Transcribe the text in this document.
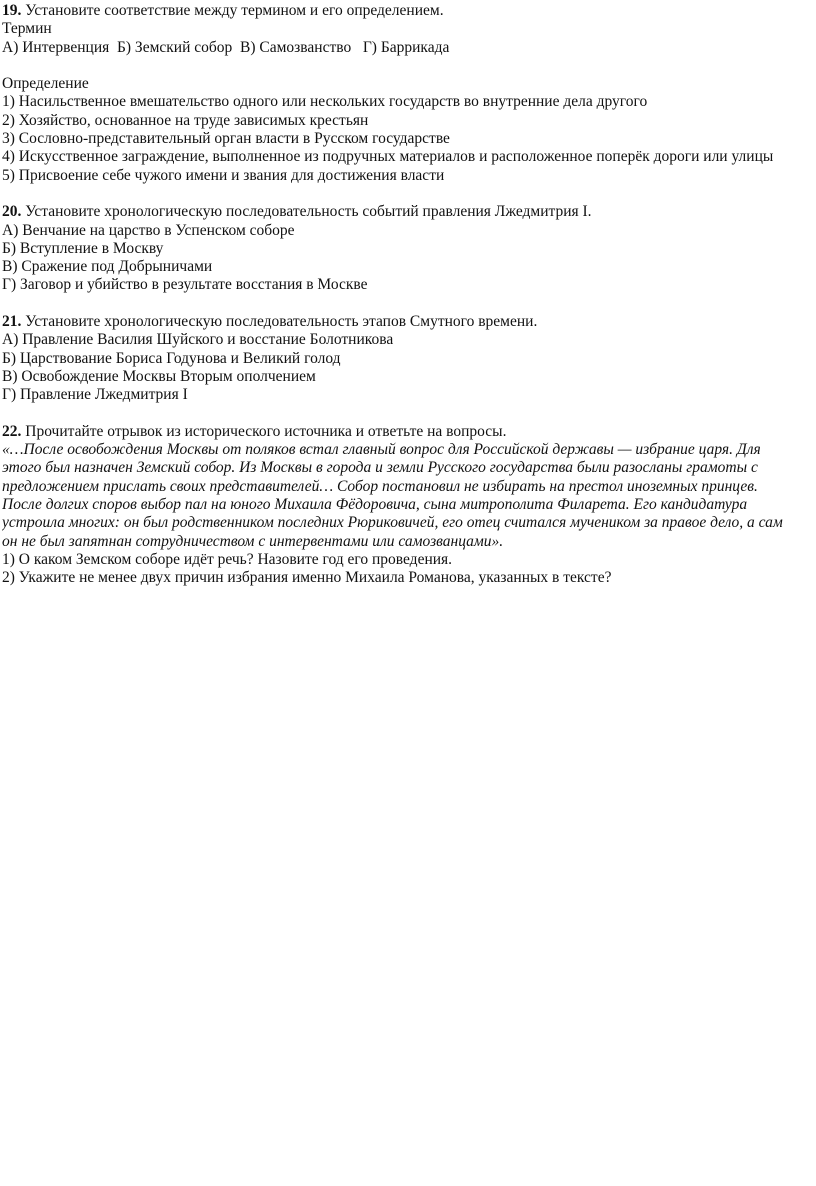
19. Установите соответствие между термином и его определением.
Термин
А) Интервенция  Б) Земский собор  В) Самозванство   Г) Баррикада
Определение
1) Насильственное вмешательство одного или нескольких государств во внутренние дела другого
2) Хозяйство, основанное на труде зависимых крестьян
3) Сословно-представительный орган власти в Русском государстве
4) Искусственное заграждение, выполненное из подручных материалов и расположенное поперёк дороги или улицы
5) Присвоение себе чужого имени и звания для достижения власти
20. Установите хронологическую последовательность событий правления Лжедмитрия I.
А) Венчание на царство в Успенском соборе
Б) Вступление в Москву
В) Сражение под Добрыничами
Г) Заговор и убийство в результате восстания в Москве
21. Установите хронологическую последовательность этапов Смутного времени.
А) Правление Василия Шуйского и восстание Болотникова
Б) Царствование Бориса Годунова и Великий голод
В) Освобождение Москвы Вторым ополчением
Г) Правление Лжедмитрия I
22. Прочитайте отрывок из исторического источника и ответьте на вопросы.
«…После освобождения Москвы от поляков встал главный вопрос для Российской державы — избрание царя. Для
этого был назначен Земский собор. Из Москвы в города и земли Русского государства были разосланы грамоты с
предложением прислать своих представителей… Собор постановил не избирать на престол иноземных принцев.
После долгих споров выбор пал на юного Михаила Фёдоровича, сына митрополита Филарета. Его кандидатура
устроила многих: он был родственником последних Рюриковичей, его отец считался мучеником за правое дело, а сам
он не был запятнан сотрудничеством с интервентами или самозванцами».
1) О каком Земском соборе идёт речь? Назовите год его проведения.
2) Укажите не менее двух причин избрания именно Михаила Романова, указанных в тексте?
